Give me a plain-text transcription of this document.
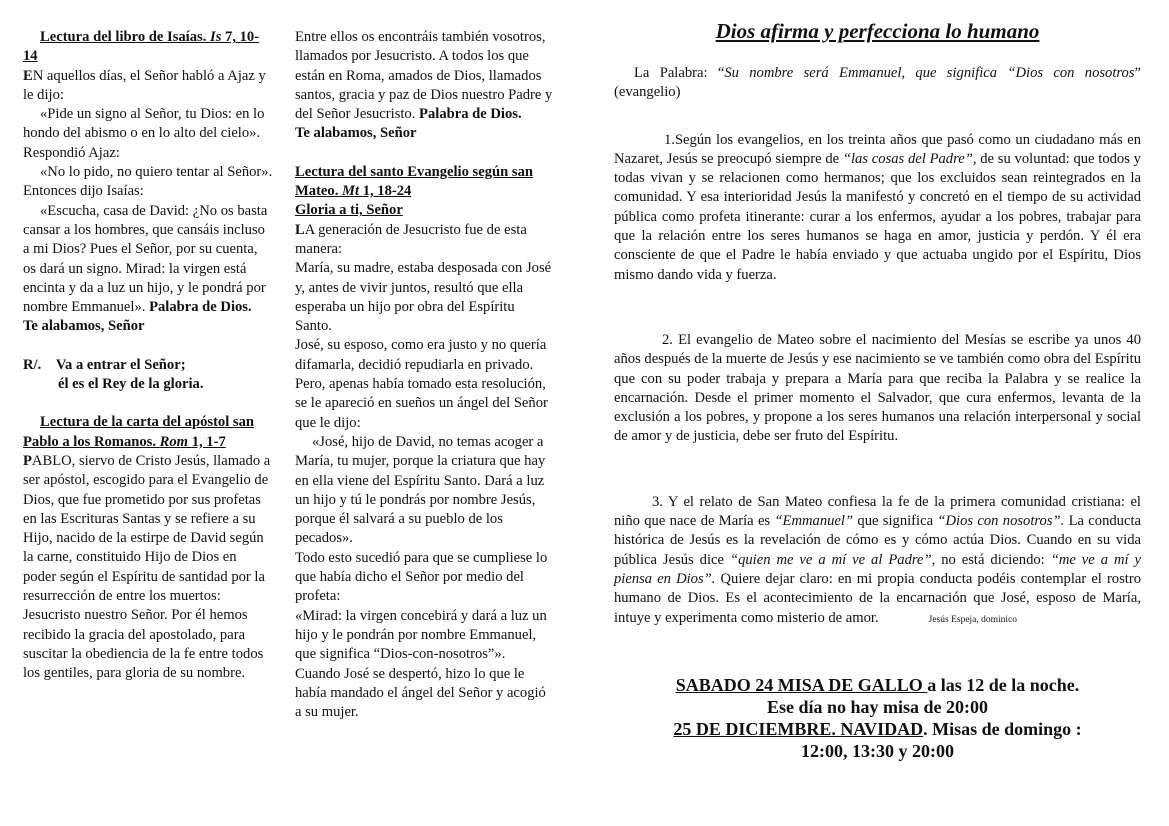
Lectura del libro de Isaías. Is 7, 10-14

EN aquellos días, el Señor habló a Ajaz y le dijo:

«Pide un signo al Señor, tu Dios: en lo hondo del abismo o en lo alto del cielo».

Respondió Ajaz:

«No lo pido, no quiero tentar al Señor».

Entonces dijo Isaías:

«Escucha, casa de David: ¿No os basta cansar a los hombres, que cansáis incluso a mi Dios? Pues el Señor, por su cuenta, os dará un signo. Mirad: la virgen está encinta y da a luz un hijo, y le pondrá por nombre Emmanuel». Palabra de Dios.

Te alabamos, Señor

R/. Va a entrar el Señor;
él es el Rey de la gloria.

Lectura de la carta del apóstol san Pablo a los Romanos. Rom 1, 1-7

PABLO, siervo de Cristo Jesús, llamado a ser apóstol, escogido para el Evangelio de Dios, que fue prometido por sus profetas en las Escrituras Santas y se refiere a su Hijo, nacido de la estirpe de David según la carne, constituido Hijo de Dios en poder según el Espíritu de santidad por la resurrección de entre los muertos: Jesucristo nuestro Señor. Por él hemos recibido la gracia del apostolado, para suscitar la obediencia de la fe entre todos los gentiles, para gloria de su nombre.

Entre ellos os encontráis también vosotros, llamados por Jesucristo. A todos los que están en Roma, amados de Dios, llamados santos, gracia y paz de Dios nuestro Padre y del Señor Jesucristo. Palabra de Dios.

Te alabamos, Señor

Lectura del santo Evangelio según san Mateo. Mt 1, 18-24

Gloria a ti, Señor

LA generación de Jesucristo fue de esta manera:

María, su madre, estaba desposada con José y, antes de vivir juntos, resultó que ella esperaba un hijo por obra del Espíritu Santo.

José, su esposo, como era justo y no quería difamarla, decidió repudiarla en privado. Pero, apenas había tomado esta resolución, se le apareció en sueños un ángel del Señor que le dijo:

«José, hijo de David, no temas acoger a María, tu mujer, porque la criatura que hay en ella viene del Espíritu Santo. Dará a luz un hijo y tú le pondrás por nombre Jesús, porque él salvará a su pueblo de los pecados».

Todo esto sucedió para que se cumpliese lo que había dicho el Señor por medio del profeta:

«Mirad: la virgen concebirá y dará a luz un hijo y le pondrán por nombre Emmanuel, que significa “Dios-con-nosotros”».

Cuando José se despertó, hizo lo que le había mandado el ángel del Señor y acogió a su mujer.

Dios afirma y perfecciona lo humano

La Palabra: “Su nombre será Emmanuel, que significa “Dios con nosotros” (evangelio)

1.Según los evangelios, en los treinta años que pasó como un ciudadano más en Nazaret, Jesús se preocupó siempre de “las cosas del Padre”, de su voluntad: que todos y todas vivan y se relacionen como hermanos; que los excluidos sean reintegrados en la comunidad. Y esa interioridad Jesús la manifestó y concretó en el tiempo de su actividad pública como profeta itinerante: curar a los enfermos, ayudar a los pobres, trabajar para que la relación entre los seres humanos se haga en amor, justicia y perdón. Y él era consciente de que el Padre le había enviado y que actuaba ungido por el Espíritu, Dios mismo dando vida y fuerza.

2. El evangelio de Mateo sobre el nacimiento del Mesías se escribe ya unos 40 años después de la muerte de Jesús y ese nacimiento se ve también como obra del Espíritu que con su poder trabaja y prepara a María para que reciba la Palabra y se realice la encarnación. Desde el primer momento el Salvador, que cura enfermos, levanta de la exclusión a los pobres, y propone a los seres humanos una relación interpersonal y social de amor y de justicia, debe ser fruto del Espíritu.

3. Y el relato de San Mateo confiesa la fe de la primera comunidad cristiana: el niño que nace de María es “Emmanuel” que significa “Dios con nosotros”. La conducta histórica de Jesús es la revelación de cómo es y cómo actúa Dios. Cuando en su vida pública Jesús dice “quien me ve a mí ve al Padre”, no está diciendo: “me ve a mí y piensa en Dios”. Quiere dejar claro: en mi propia conducta podéis contemplar el rostro humano de Dios. Es el acontecimiento de la encarnación que José, esposo de María, intuye y experimenta como misterio de amor.	Jesús Espeja, dominico

SABADO 24 MISA DE GALLO a las 12 de la noche.
Ese día no hay misa de 20:00
25 DE DICIEMBRE. NAVIDAD. Misas de domingo :
12:00, 13:30 y 20:00
